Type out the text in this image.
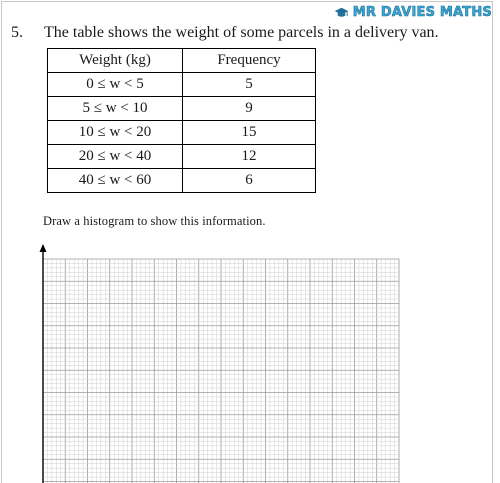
MR DAVIES MATHS
5. The table shows the weight of some parcels in a delivery van.
Weight (kg)	Frequency
0 ≤ w < 5	5
5 ≤ w < 10	9
10 ≤ w < 20	15
20 ≤ w < 40	12
40 ≤ w < 60	6
Draw a histogram to show this information.
